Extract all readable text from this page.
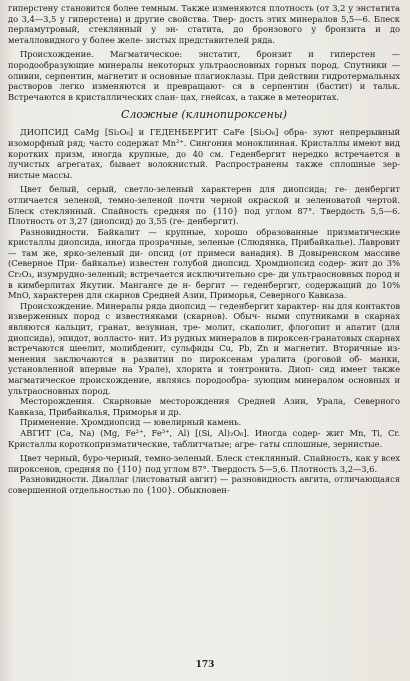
гиперстену становится более темным. Также изменяются плотность (от 3,2 у энстатита до 3,4—3,5 у гиперстена) и другие свойства. Твер- дость этих минералов 5,5—6. Блеск перламутровый, стеклянный у эн- статита, до бронзового у бронзита и до металловидного у более желе- зистых представителей ряда.

Происхождение. Магматическое: энстатит, бронзит и гиперстен — породообразующие минералы некоторых ультраосновных горных пород. Спутники — оливин, серпентин, магнетит и основные плагиоклазы. При действии гидротермальных растворов легко изменяются и превращают- ся в серпентин (бастит) и тальк. Встречаются в кристаллических слан- цах, гнейсах, а также в метеоритах.

Сложные (клинопироксены)

ДИОПСИД CaMg [Si₂O₆] и ГЕДЕНБЕРГИТ CaFe [Si₂O₆] обра- зуют непрерывный изоморфный ряд; часто содержат Mn²⁺. Сингония моноклинная. Кристаллы имеют вид коротких призм, иногда крупные, до 40 см. Геденбергит нередко встречается в лучистых агрегатах, бывает волокнистый. Распространены также сплошные зер- нистые массы.

Цвет белый, серый, светло-зеленый характерен для диопсида; ге- денбергит отличается зеленой, темно-зеленой почти черной окраской и зеленоватой чертой. Блеск стеклянный. Спайность средняя по {110} под углом 87°. Твердость 5,5—6. Плотность от 3,27 (диопсид) до 3,55 (ге- денбергит).

Разновидности. Байкалит — крупные, хорошо образованные призматические кристаллы диопсида, иногда прозрачные, зеленые (Слюдянка, Прибайкалье). Лавровит — там же, ярко-зеленый ди- опсид (от примеси ванадия). В Довыренском массиве (Северное При- байкалье) известен голубой диопсид. Хромдиопсид содер- жит до 3% Cr₂O₃, изумрудно-зеленый; встречается исключительно сре- ди ультраосновных пород и в кимберлитах Якутии. Манганге де н- бергит — геденбергит, содержащий до 10% MnO, характерен для скарнов Средней Азии, Приморья, Северного Кавказа.

Происхождение. Минералы ряда диопсид — геденбергит характер- ны для контактов изверженных пород с известняками (скарнов). Обыч- ными спутниками в скарнах являются кальцит, гранат, везувиан, тре- молит, скаполит, флогопит и апатит (для диопсида), эпидот, волласто- нит. Из рудных минералов в пироксен-гранатовых скарнах встречаются шеелит, молибденит, сульфиды Cu, Pb, Zn и магнетит. Вторичные из- менения заключаются в развитии по пироксенам уралита (роговой об- манки, установленной впервые на Урале), хлорита и тонтронита. Диоп- сид имеет также магматическое происхождение, являясь породообра- зующим минералом основных и ультраосновных пород.

Месторождения. Скарновые месторождения Средней Азии, Урала, Северного Кавказа, Прибайкалья, Приморья и др.

Применение. Хромдиопсид — ювелирный камень.

АВГИТ (Ca, Na) (Mg, Fe²⁺, Fe³⁺, Al) [(Si, Al)₂O₆]. Иногда содер- жит Mn, Ti, Cr. Кристаллы короткопризматические, таблитчатые; агре- гаты сплошные, зернистые.

Цвет черный, буро-черный, темно-зеленый. Блеск стеклянный. Спайность, как у всех пироксенов, средняя по {110} под углом 87°. Твердость 5—5,6. Плотность 3,2—3,6.

Разновидности. Диаллаг (листоватый авгит) — разновидность авгита, отличающаяся совершенной отдельностью по {100}. Обыкновен-

173
